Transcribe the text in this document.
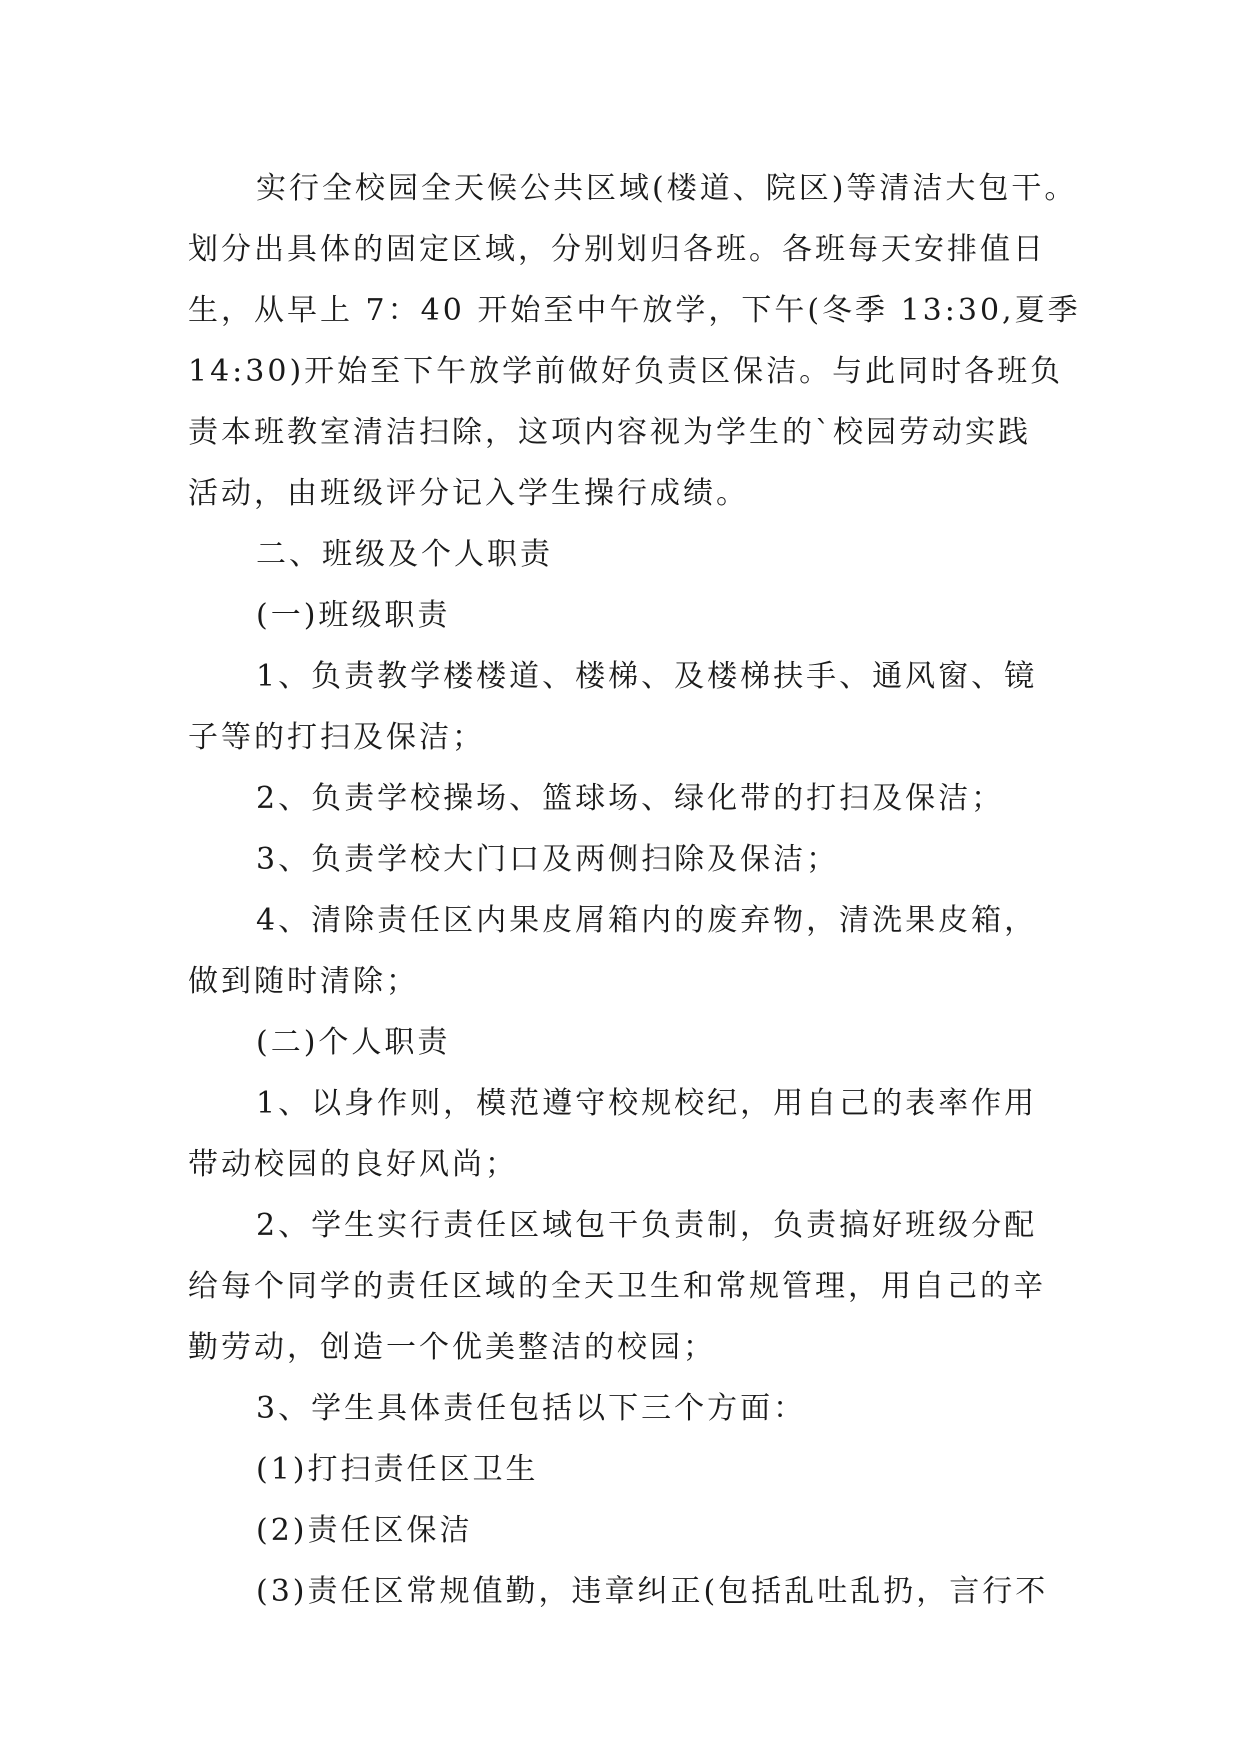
实行全校园全天候公共区域(楼道、院区)等清洁大包干。
划分出具体的固定区域，分别划归各班。各班每天安排值日
生，从早上 7：40 开始至中午放学，下午(冬季 13:30,夏季
14:30)开始至下午放学前做好负责区保洁。与此同时各班负
责本班教室清洁扫除，这项内容视为学生的`校园劳动实践
活动，由班级评分记入学生操行成绩。
二、班级及个人职责
(一)班级职责
1、负责教学楼楼道、楼梯、及楼梯扶手、通风窗、镜
子等的打扫及保洁；
2、负责学校操场、篮球场、绿化带的打扫及保洁；
3、负责学校大门口及两侧扫除及保洁；
4、清除责任区内果皮屑箱内的废弃物，清洗果皮箱，
做到随时清除；
(二)个人职责
1、以身作则，模范遵守校规校纪，用自己的表率作用
带动校园的良好风尚；
2、学生实行责任区域包干负责制，负责搞好班级分配
给每个同学的责任区域的全天卫生和常规管理，用自己的辛
勤劳动，创造一个优美整洁的校园；
3、学生具体责任包括以下三个方面：
(1)打扫责任区卫生
(2)责任区保洁
(3)责任区常规值勤，违章纠正(包括乱吐乱扔，言行不
